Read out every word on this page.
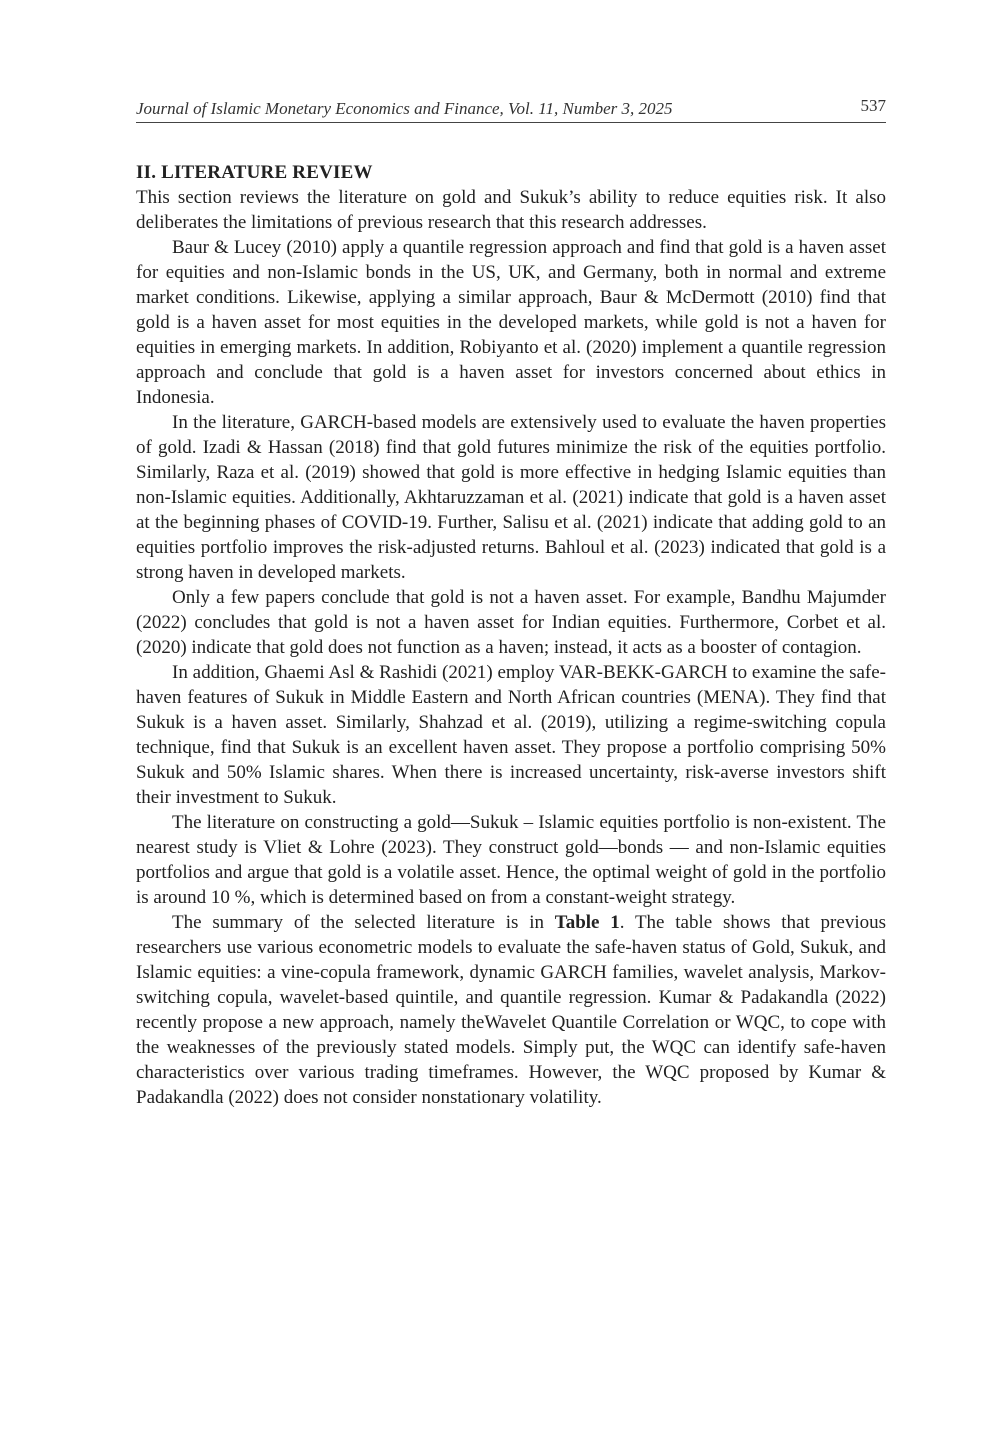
Journal of Islamic Monetary Economics and Finance, Vol. 11, Number 3, 2025	537
II. LITERATURE REVIEW

This section reviews the literature on gold and Sukuk’s ability to reduce equities risk. It also deliberates the limitations of previous research that this research addresses.

Baur & Lucey (2010) apply a quantile regression approach and find that gold is a haven asset for equities and non-Islamic bonds in the US, UK, and Germany, both in normal and extreme market conditions. Likewise, applying a similar approach, Baur & McDermott (2010) find that gold is a haven asset for most equities in the developed markets, while gold is not a haven for equities in emerging markets. In addition, Robiyanto et al. (2020) implement a quantile regression approach and conclude that gold is a haven asset for investors concerned about ethics in Indonesia.

In the literature, GARCH-based models are extensively used to evaluate the haven properties of gold. Izadi & Hassan (2018) find that gold futures minimize the risk of the equities portfolio. Similarly, Raza et al. (2019) showed that gold is more effective in hedging Islamic equities than non-Islamic equities. Additionally, Akhtaruzzaman et al. (2021) indicate that gold is a haven asset at the beginning phases of COVID-19. Further, Salisu et al. (2021) indicate that adding gold to an equities portfolio improves the risk-adjusted returns. Bahloul et al. (2023) indicated that gold is a strong haven in developed markets.

Only a few papers conclude that gold is not a haven asset. For example, Bandhu Majumder (2022) concludes that gold is not a haven asset for Indian equities. Furthermore, Corbet et al. (2020) indicate that gold does not function as a haven; instead, it acts as a booster of contagion.

In addition, Ghaemi Asl & Rashidi (2021) employ VAR-BEKK-GARCH to examine the safe-haven features of Sukuk in Middle Eastern and North African countries (MENA). They find that Sukuk is a haven asset. Similarly, Shahzad et al. (2019), utilizing a regime-switching copula technique, find that Sukuk is an excellent haven asset. They propose a portfolio comprising 50% Sukuk and 50% Islamic shares. When there is increased uncertainty, risk-averse investors shift their investment to Sukuk.

The literature on constructing a gold—Sukuk – Islamic equities portfolio is non-existent. The nearest study is Vliet & Lohre (2023). They construct gold—bonds — and non-Islamic equities portfolios and argue that gold is a volatile asset. Hence, the optimal weight of gold in the portfolio is around 10 %, which is determined based on from a constant-weight strategy.

The summary of the selected literature is in Table 1. The table shows that previous researchers use various econometric models to evaluate the safe-haven status of Gold, Sukuk, and Islamic equities: a vine-copula framework, dynamic GARCH families, wavelet analysis, Markov-switching copula, wavelet-based quintile, and quantile regression. Kumar & Padakandla (2022) recently propose a new approach, namely theWavelet Quantile Correlation or WQC, to cope with the weaknesses of the previously stated models. Simply put, the WQC can identify safe-haven characteristics over various trading timeframes. However, the WQC proposed by Kumar & Padakandla (2022) does not consider nonstationary volatility.
